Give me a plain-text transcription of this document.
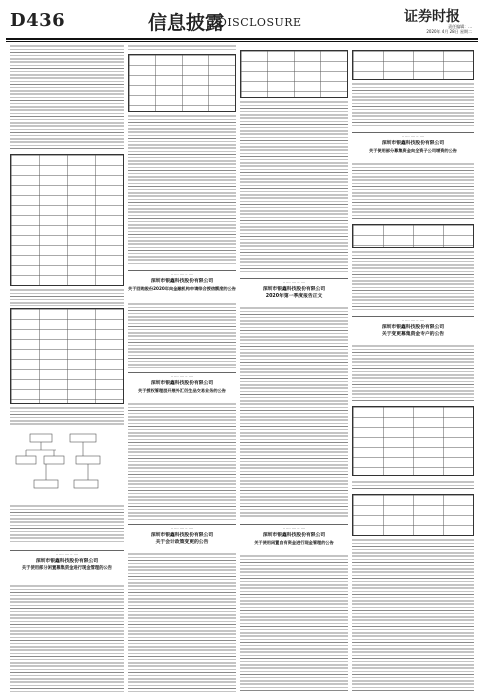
D436	信息披露
DISCLOSURE	证券时报
责任编辑：...
2020年 4月 28日 星期二
·· ···· ···· ·· ····
深圳市银鑫科技股份有限公司
关于使用部分闲置募集资金进行现金管理的公告
·· ···· ···· ·· ····
深圳市银鑫科技股份有限公司
关于回购股份2020年向金融机构申请综合授信额度的公告
·· ···· ···· ·· ····
深圳市银鑫科技股份有限公司
关于授权管理层开展外汇衍生品交易业务的公告
·· ···· ···· ·· ····
深圳市银鑫科技股份有限公司
关于会计政策变更的公告
·· ···· ···· ·· ····
深圳市银鑫科技股份有限公司
2020年第一季度报告正文
·· ···· ···· ·· ····
深圳市银鑫科技股份有限公司
关于使用闲置自有资金进行现金管理的公告
·· ···· ···· ·· ····
深圳市银鑫科技股份有限公司
关于使用部分募集资金向全资子公司增资的公告
·· ···· ···· ·· ····
深圳市银鑫科技股份有限公司
关于变更募集资金专户的公告
